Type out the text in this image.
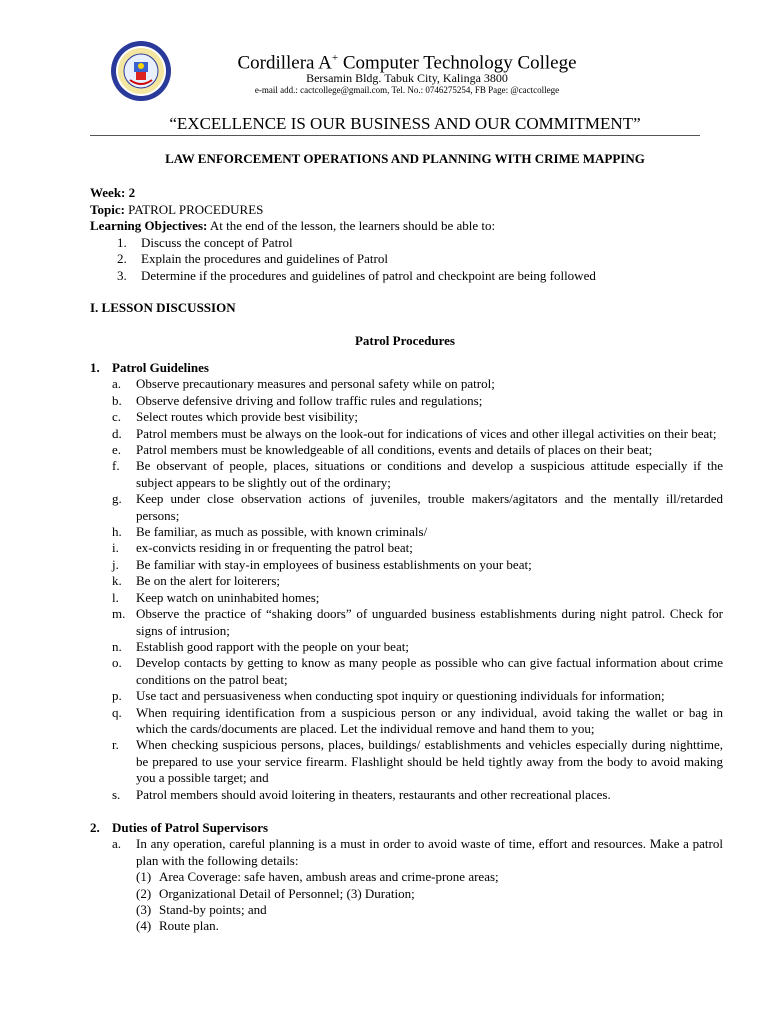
Cordillera A+ Computer Technology College
Bersamin Bldg. Tabuk City, Kalinga 3800
e-mail add.: cactcollege@gmail.com, Tel. No.: 0746275254, FB Page: @cactcollege
“EXCELLENCE IS OUR BUSINESS AND OUR COMMITMENT”
LAW ENFORCEMENT OPERATIONS AND PLANNING WITH CRIME MAPPING
Week: 2
Topic: PATROL PROCEDURES
Learning Objectives: At the end of the lesson, the learners should be able to:
1. Discuss the concept of Patrol
2. Explain the procedures and guidelines of Patrol
3. Determine if the procedures and guidelines of patrol and checkpoint are being followed
I. LESSON DISCUSSION
Patrol Procedures
1. Patrol Guidelines
a.	Observe precautionary measures and personal safety while on patrol;
b.	Observe defensive driving and follow traffic rules and regulations;
c.	Select routes which provide best visibility;
d.	Patrol members must be always on the look-out for indications of vices and other illegal activities on their beat;
e.	Patrol members must be knowledgeable of all conditions, events and details of places on their beat;
f.	Be observant of people, places, situations or conditions and develop a suspicious attitude especially if the subject appears to be slightly out of the ordinary;
g.	Keep under close observation actions of juveniles, trouble makers/agitators and the mentally ill/retarded persons;
h.	Be familiar, as much as possible, with known criminals/
i.	ex-convicts residing in or frequenting the patrol beat;
j.	Be familiar with stay-in employees of business establishments on your beat;
k.	Be on the alert for loiterers;
l.	Keep watch on uninhabited homes;
m. Observe the practice of “shaking doors” of unguarded business establishments during night patrol. Check for signs of intrusion;
n.	Establish good rapport with the people on your beat;
o.	Develop contacts by getting to know as many people as possible who can give factual information about crime conditions on the patrol beat;
p.	Use tact and persuasiveness when conducting spot inquiry or questioning individuals for information;
q.	When requiring identification from a suspicious person or any individual, avoid taking the wallet or bag in which the cards/documents are placed. Let the individual remove and hand them to you;
r.	When checking suspicious persons, places, buildings/ establishments and vehicles especially during nighttime, be prepared to use your service firearm. Flashlight should be held tightly away from the body to avoid making you a possible target; and
s.	Patrol members should avoid loitering in theaters, restaurants and other recreational places.
2. Duties of Patrol Supervisors
a.	In any operation, careful planning is a must in order to avoid waste of time, effort and resources. Make a patrol plan with the following details:
(1) Area Coverage: safe haven, ambush areas and crime-prone areas;
(2) Organizational Detail of Personnel; (3) Duration;
(3) Stand-by points; and
(4) Route plan.
